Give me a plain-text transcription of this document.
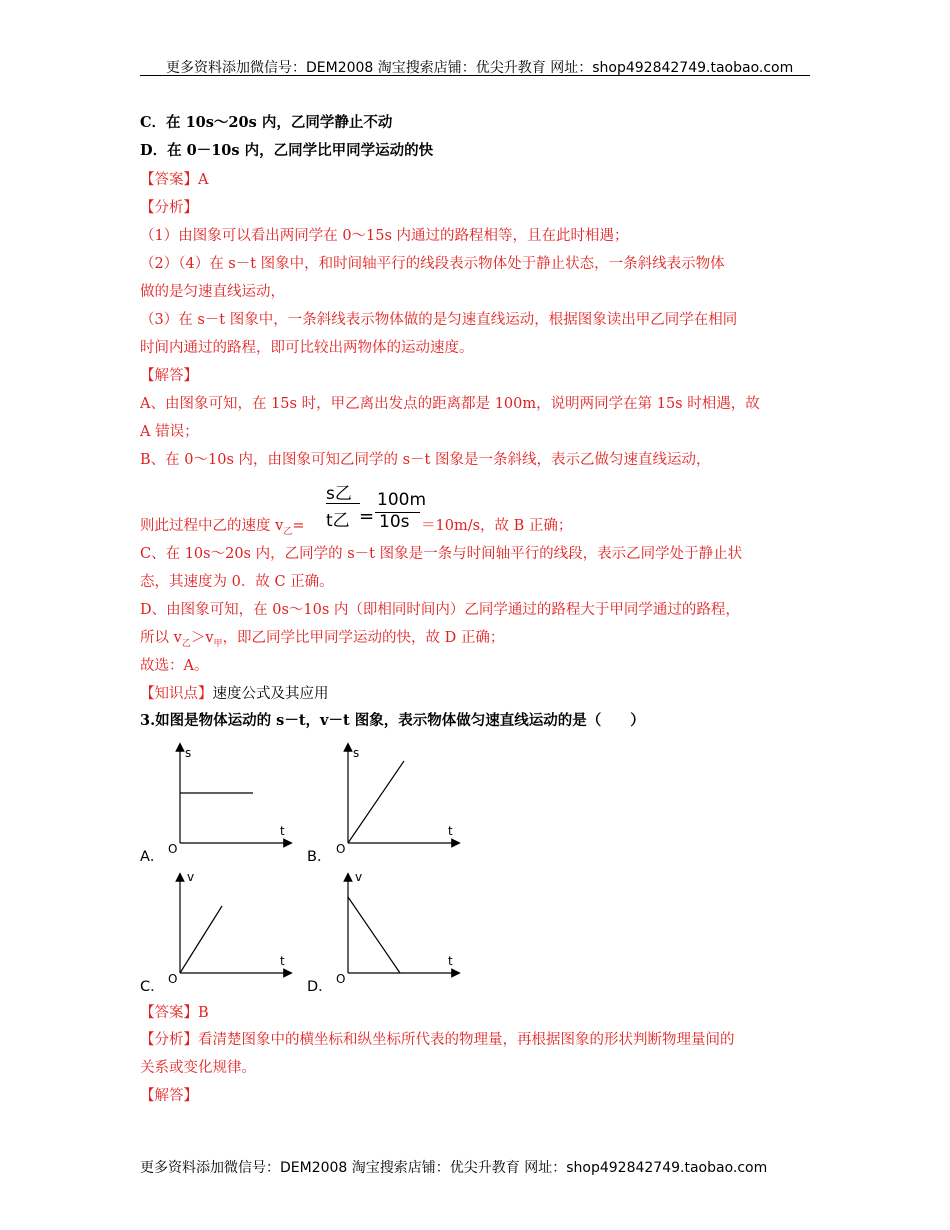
更多资料添加微信号：DEM2008 淘宝搜索店铺：优尖升教育 网址：shop492842749.taobao.com
C．在 10s～20s 内，乙同学静止不动
D．在 0－10s 内，乙同学比甲同学运动的快
【答案】A
【分析】
（1）由图象可以看出两同学在 0～15s 内通过的路程相等，且在此时相遇；
（2）（4）在 s－t 图象中，和时间轴平行的线段表示物体处于静止状态，一条斜线表示物体
做的是匀速直线运动，
（3）在 s－t 图象中，一条斜线表示物体做的是匀速直线运动，根据图象读出甲乙同学在相同
时间内通过的路程，即可比较出两物体的运动速度。
【解答】
A、由图象可知，在 15s 时，甲乙离出发点的距离都是 100m，说明两同学在第 15s 时相遇，故
A 错误；
B、在 0～10s 内，由图象可知乙同学的 s－t 图象是一条斜线，表示乙做匀速直线运动，
s乙
t乙 =
100m
10s
则此过程中乙的速度 $v_乙=$	＝10m/s，故 B 正确；
C、在 10s～20s 内，乙同学的 s－t 图象是一条与时间轴平行的线段，表示乙同学处于静止状
态，其速度为 0．故 C 正确。
D、由图象可知，在 0s～10s 内（即相同时间内）乙同学通过的路程大于甲同学通过的路程，
所以 $v_乙>v_甲$，即乙同学比甲同学运动的快，故 D 正确；
故选：A。
【知识点】速度公式及其应用
3.如图是物体运动的 s－t，v－t 图象，表示物体做匀速直线运动的是（　　）
A．
s
t
O	B．
s
t
O
C．
v
t
O	D．
v
t
O
【答案】B
【分析】看清楚图象中的横坐标和纵坐标所代表的物理量，再根据图象的形状判断物理量间的
关系或变化规律。
【解答】
更多资料添加微信号：DEM2008 淘宝搜索店铺：优尖升教育 网址：shop492842749.taobao.com
